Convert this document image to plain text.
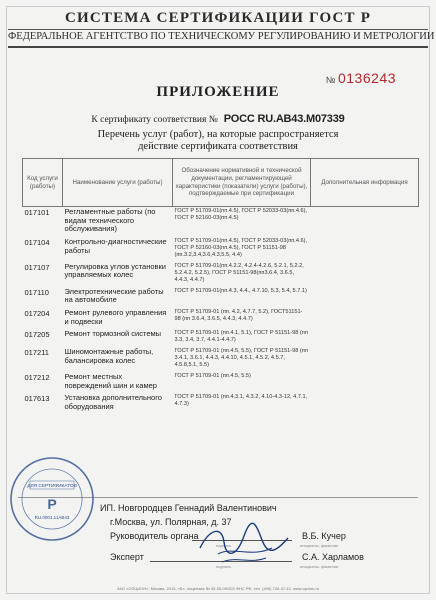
СИСТЕМА СЕРТИФИКАЦИИ ГОСТ Р
ФЕДЕРАЛЬНОЕ АГЕНТСТВО ПО ТЕХНИЧЕСКОМУ РЕГУЛИРОВАНИЮ И МЕТРОЛОГИИ
№ 0136243
ПРИЛОЖЕНИЕ
К сертификату соответствия № РОСС RU.АВ43.М07339
Перечень услуг (работ), на которые распространяется
действие сертификата соответствия
Код услуги (работы)	Наименование услуги (работы)	Обозначение нормативной и технической документации, регламентирующей характеристики (показатели) услуги (работы), подтверждаемые при сертификации	Дополнительная информация
017101	Регламентные работы (по видам технического обслуживания)	ГОСТ Р 51709-01(пп.4.5), ГОСТ Р 52033-03(пп.4.6), ГОСТ Р 52160-03(пп.4.5)	
017104	Контрольно-диагностические работы	ГОСТ Р 51709-01(пп.4.5), ГОСТ Р 52033-03(пп.4.6), ГОСТ Р 52160-03(пп.4.5), ГОСТ Р 51151-98 (пп.3.2,3.4,3.6,4.3,5.5, 4.4)	
017107	Регулировка углов установки управляемых колес	ГОСТ Р 51709-01(пп.4.2.2, 4.2.4-4.2.6, 5.2.1, 5.2.2, 5.2.4.2, 5.2.5), ГОСТ Р 51151-98(пп3.6.4, 3.6.5, 4.4.3, 4.4.7)	
017110	Электротехнические работы на автомобиле	ГОСТ Р 51709-01(пп.4.3, 4.4., 4.7.10, 5.3, 5.4, 5.7.1)	
017204	Ремонт рулевого управления и подвески	ГОСТ Р 51709-01 (пп. 4.2, 4.7.7, 5.2), ГОСТ51151-98 (пп 3.6.4, 3.6.5, 4.4.3, 4.4.7)	
017205	Ремонт тормозной системы	ГОСТ Р 51709-01 (пп.4.1, 5.1), ГОСТ Р 51151-98 (пп 3.3, 3.4, 3.7, 4.4.1-4.4.7)	
017211	Шиномонтажные работы, балансировка колес	ГОСТ Р 51709-01 (пп.4.5, 5.5), ГОСТ Р 51151-98 (пп 3.4.1, 3.6.1, 4.4.3, 4.4.10, 4.5.1, 4.5.2, 4.5.7, 4.5.8,5.1, 5.5)	
017212	Ремонт местных повреждений шин и камер	ГОСТ Р 51709-01 (пп.4.5, 5.5)	
017613	Установка дополнительного оборудования	ГОСТ Р 51709-01 (пп.4.3.1, 4.3.2, 4.10-4.3-12, 4.7.1, 4.7.3)	
ДЛЯ СЕРТИФИКАТОВ
P
RU.0001.11АВ43
ИП. Новгородцев Геннадий Валентинович
г.Москва, ул. Полярная, д. 37
Руководитель органа	В.Б. Кучер
подпись	инициалы, фамилия
Эксперт	С.А. Харламов
подпись	инициалы, фамилия
ЗАО «ОПЦИОН», Москва, 2015, «Б», лицензия № 05-05-09/003 ФНС РФ, тел. (495) 726-47-42, www.opcion.ru
